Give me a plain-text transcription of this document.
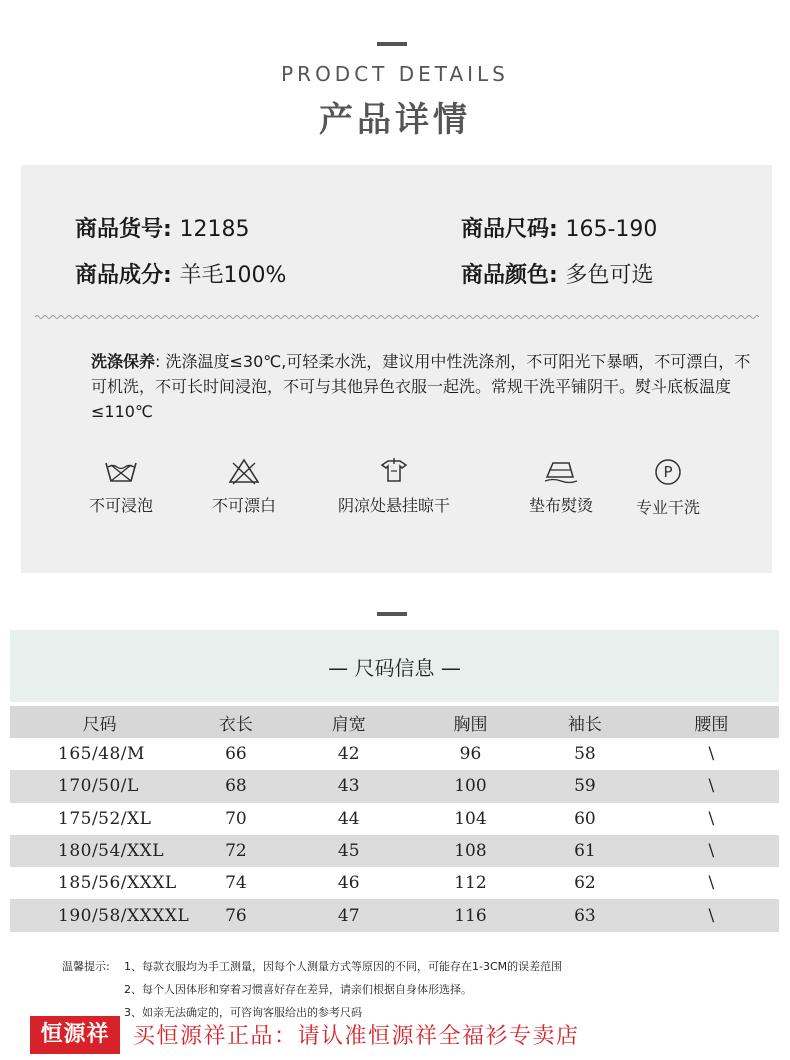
PRODCT DETAILS
产品详情
商品货号: 12185	商品尺码: 165-190
商品成分: 羊毛100%	商品颜色: 多色可选
洗涤保养: 洗涤温度≤30℃,可轻柔水洗，建议用中性洗涤剂，不可阳光下暴晒，不可漂白，不可机洗，不可长时间浸泡，不可与其他异色衣服一起洗。常规干洗平铺阴干。熨斗底板温度≤110℃
不可浸泡	不可漂白	阴凉处悬挂晾干	垫布熨烫
P
专业干洗
— 尺码信息 —
尺码	衣长	肩宽	胸围	袖长	腰围
165/48/M	66	42	96	58	\
170/50/L	68	43	100	59	\
175/52/XL	70	44	104	60	\
180/54/XXL	72	45	108	61	\
185/56/XXXL	74	46	112	62	\
190/58/XXXXL	76	47	116	63	\
温馨提示: 1、每款衣服均为手工测量，因每个人测量方式等原因的不同，可能存在1-3CM的误差范围
2、每个人因体形和穿着习惯喜好存在差异，请亲们根据自身体形选择。
3、如亲无法确定的，可咨询客服给出的参考尺码
恒源祥	买恒源祥正品：请认准恒源祥全福衫专卖店
